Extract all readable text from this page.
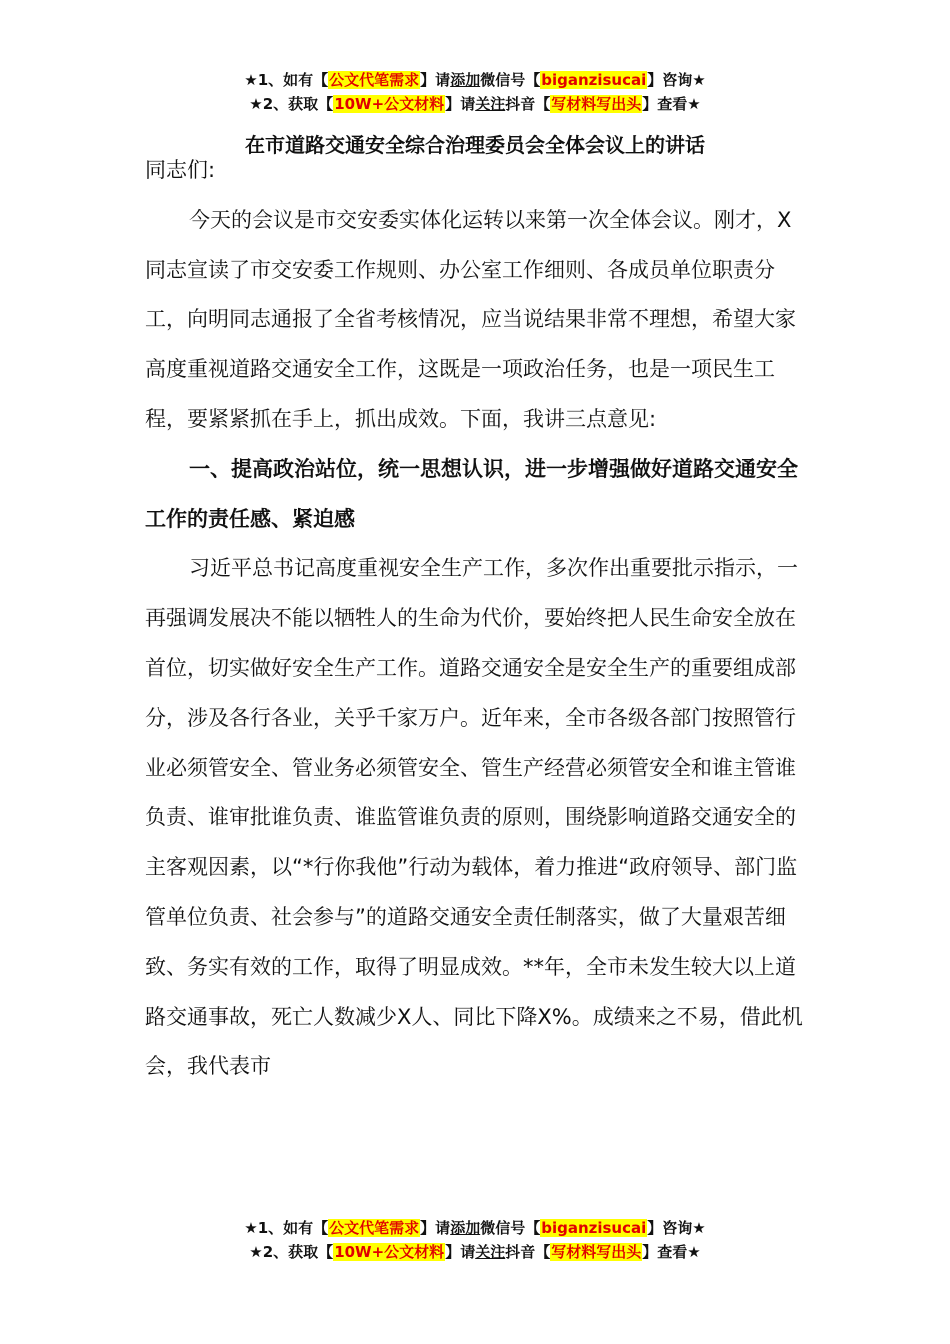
★1、如有【公文代笔需求】请添加微信号【biganzisucai】咨询★
★2、获取【10W+公文材料】请关注抖音【写材料写出头】查看★
在市道路交通安全综合治理委员会全体会议上的讲话

同志们:

今天的会议是市交安委实体化运转以来第一次全体会议。刚才，X同志宣读了市交安委工作规则、办公室工作细则、各成员单位职责分工，向明同志通报了全省考核情况，应当说结果非常不理想，希望大家高度重视道路交通安全工作，这既是一项政治任务，也是一项民生工程，要紧紧抓在手上，抓出成效。下面，我讲三点意见:

一、提高政治站位，统一思想认识，进一步增强做好道路交通安全工作的责任感、紧迫感

习近平总书记高度重视安全生产工作，多次作出重要批示指示，一再强调发展决不能以牺牲人的生命为代价，要始终把人民生命安全放在首位，切实做好安全生产工作。道路交通安全是安全生产的重要组成部分，涉及各行各业，关乎千家万户。近年来，全市各级各部门按照管行业必须管安全、管业务必须管安全、管生产经营必须管安全和谁主管谁负责、谁审批谁负责、谁监管谁负责的原则，围绕影响道路交通安全的主客观因素，以“*行你我他”行动为载体，着力推进“政府领导、部门监管单位负责、社会参与”的道路交通安全责任制落实，做了大量艰苦细致、务实有效的工作，取得了明显成效。**年，全市未发生较大以上道路交通事故，死亡人数减少X人、同比下降X%。成绩来之不易，借此机会，我代表市

★1、如有【公文代笔需求】请添加微信号【biganzisucai】咨询★
★2、获取【10W+公文材料】请关注抖音【写材料写出头】查看★
